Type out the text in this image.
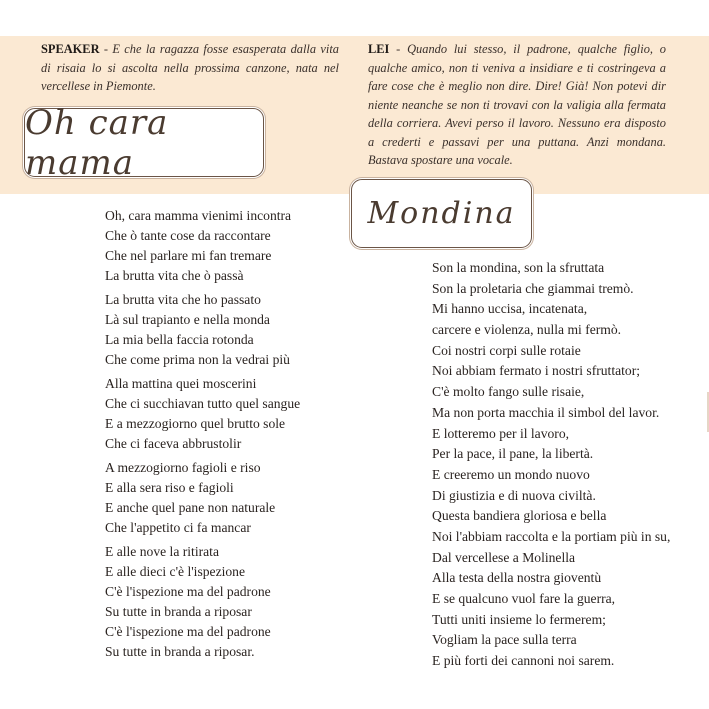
SPEAKER - E che la ragazza fosse esasperata dalla vita di risaia lo si ascolta nella prossima canzone, nata nel vercellese in Piemonte.
LEI - Quando lui stesso, il padrone, qualche figlio, o qualche amico, non ti veniva a insidiare e ti costringeva a fare cose che è meglio non dire. Dire! Già! Non potevi dir niente neanche se non ti trovavi con la valigia alla fermata della corriera. Avevi perso il lavoro. Nessuno era disposto a crederti e passavi per una puttana. Anzi mondana. Bastava spostare una vocale.
Oh cara mama
Mondina
Oh, cara mamma vienimi incontra
Che ò tante cose da raccontare
Che nel parlare mi fan tremare
La brutta vita che ò passà
La brutta vita che ho passato
Là sul trapianto e nella monda
La mia bella faccia rotonda
Che come prima non la vedrai più
Alla mattina quei moscerini
Che ci succhiavan tutto quel sangue
E a mezzogiorno quel brutto sole
Che ci faceva abbrustolir
A mezzogiorno fagioli e riso
E alla sera riso e fagioli
E anche quel pane non naturale
Che l'appetito ci fa mancar
E alle nove la ritirata
E alle dieci c'è l'ispezione
C'è l'ispezione ma del padrone
Su tutte in branda a riposar
C'è l'ispezione ma del padrone
Su tutte in branda a riposar.
Son la mondina, son la sfruttata
Son la proletaria che giammai tremò.
Mi hanno uccisa, incatenata,
carcere e violenza, nulla mi fermò.
Coi nostri corpi sulle rotaie
Noi abbiam fermato i nostri sfruttator;
C'è molto fango sulle risaie,
Ma non porta macchia il simbol del lavor.
E lotteremo per il lavoro,
Per la pace, il pane, la libertà.
E creeremo un mondo nuovo
Di giustizia e di nuova civiltà.
Questa bandiera gloriosa e bella
Noi l'abbiam raccolta e la portiam più in su,
Dal vercellese a Molinella
Alla testa della nostra gioventù
E se qualcuno vuol fare la guerra,
Tutti uniti insieme lo fermerem;
Vogliam la pace sulla terra
E più forti dei cannoni noi sarem.
